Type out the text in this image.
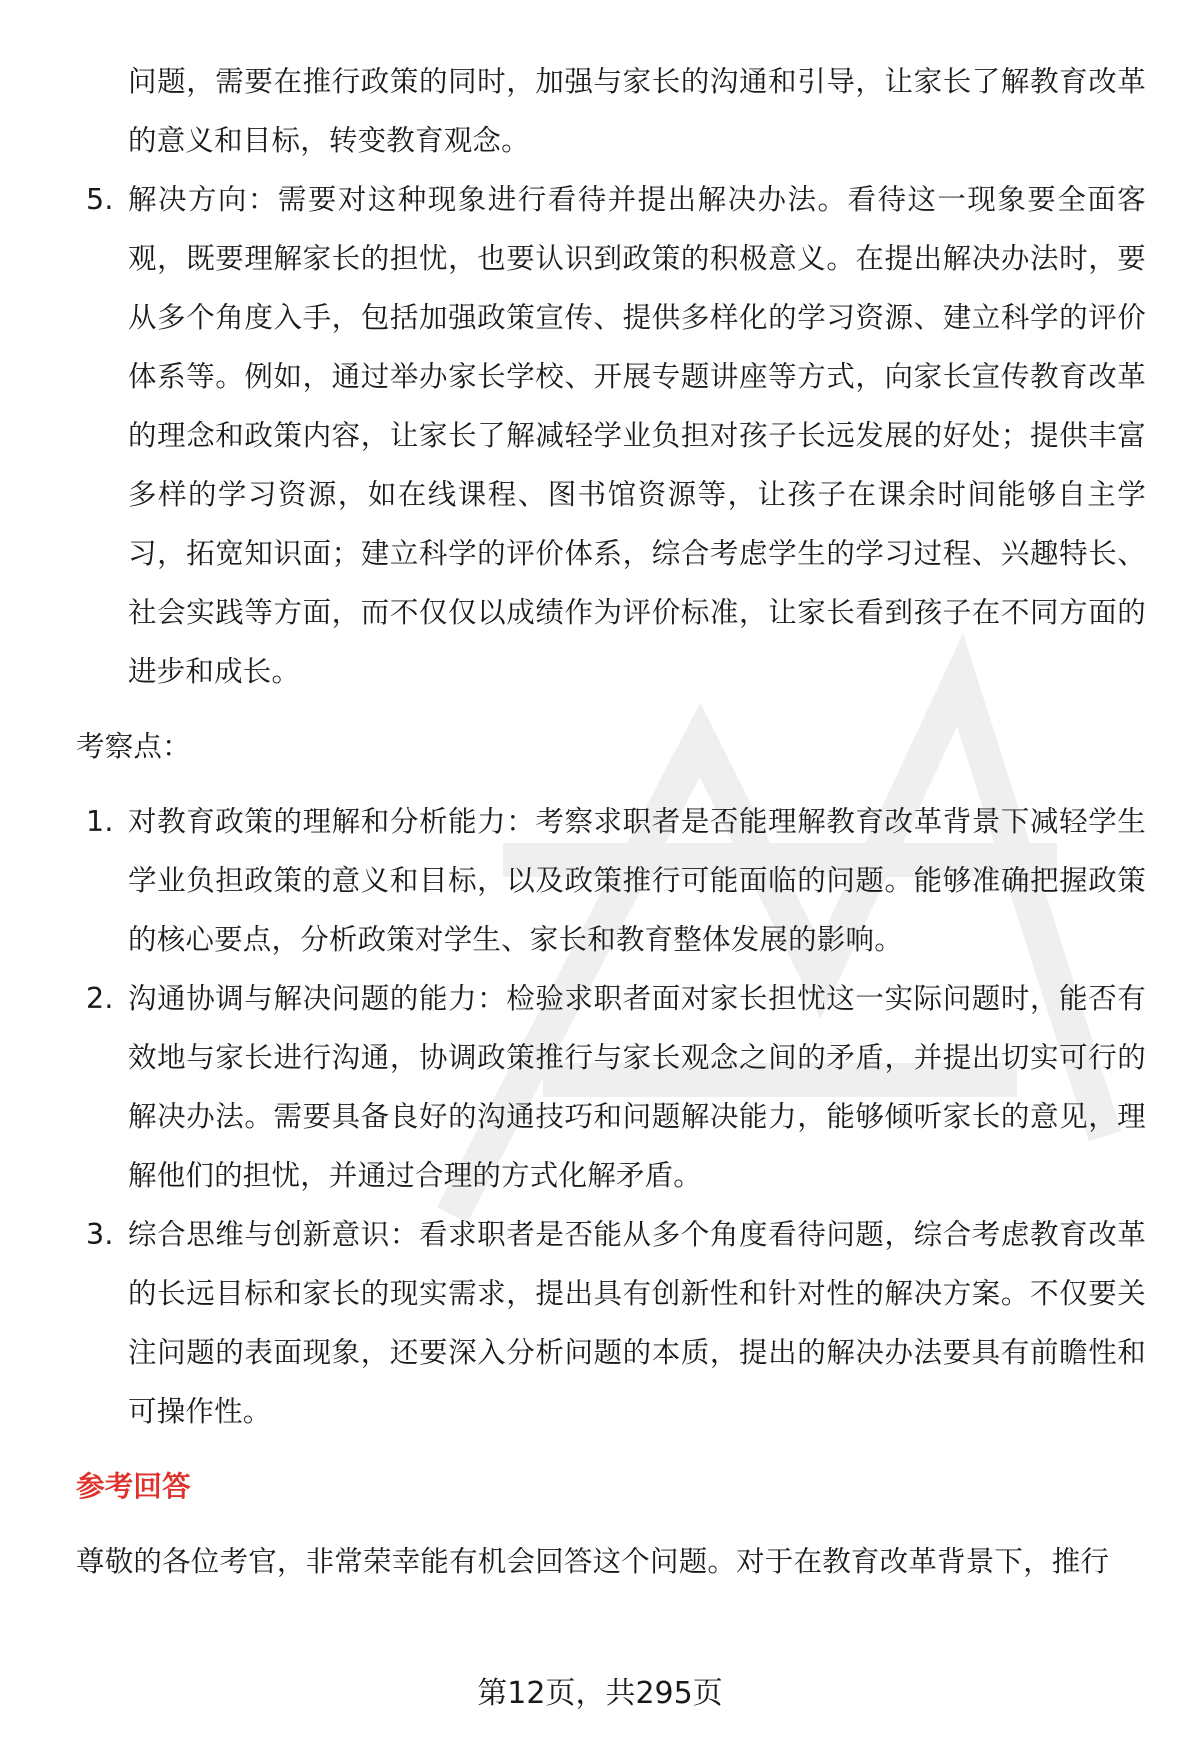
问题，需要在推行政策的同时，加强与家长的沟通和引导，让家长了解教育改革的意义和目标，转变教育观念。

5. 解决方向：需要对这种现象进行看待并提出解决办法。看待这一现象要全面客观，既要理解家长的担忧，也要认识到政策的积极意义。在提出解决办法时，要从多个角度入手，包括加强政策宣传、提供多样化的学习资源、建立科学的评价体系等。例如，通过举办家长学校、开展专题讲座等方式，向家长宣传教育改革的理念和政策内容，让家长了解减轻学业负担对孩子长远发展的好处；提供丰富多样的学习资源，如在线课程、图书馆资源等，让孩子在课余时间能够自主学习，拓宽知识面；建立科学的评价体系，综合考虑学生的学习过程、兴趣特长、社会实践等方面，而不仅仅以成绩作为评价标准，让家长看到孩子在不同方面的进步和成长。

考察点：

1. 对教育政策的理解和分析能力：考察求职者是否能理解教育改革背景下减轻学生学业负担政策的意义和目标，以及政策推行可能面临的问题。能够准确把握政策的核心要点，分析政策对学生、家长和教育整体发展的影响。

2. 沟通协调与解决问题的能力：检验求职者面对家长担忧这一实际问题时，能否有效地与家长进行沟通，协调政策推行与家长观念之间的矛盾，并提出切实可行的解决办法。需要具备良好的沟通技巧和问题解决能力，能够倾听家长的意见，理解他们的担忧，并通过合理的方式化解矛盾。

3. 综合思维与创新意识：看求职者是否能从多个角度看待问题，综合考虑教育改革的长远目标和家长的现实需求，提出具有创新性和针对性的解决方案。不仅要关注问题的表面现象，还要深入分析问题的本质，提出的解决办法要具有前瞻性和可操作性。

参考回答

尊敬的各位考官，非常荣幸能有机会回答这个问题。对于在教育改革背景下，推行

第12页，共295页
